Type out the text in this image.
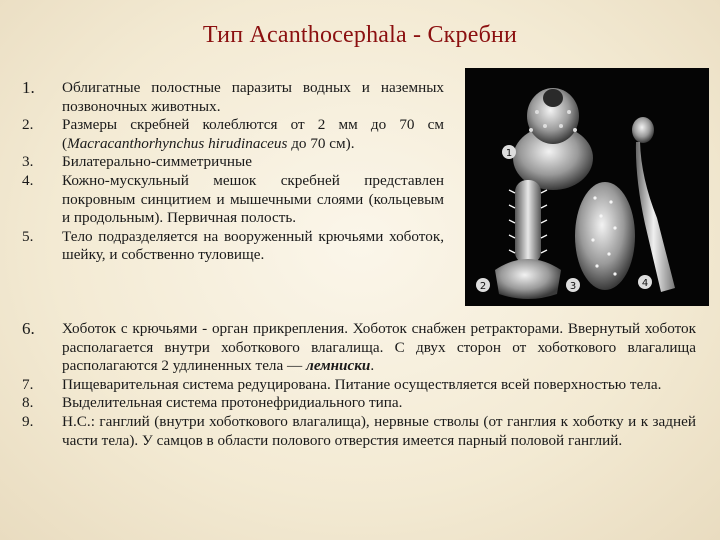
Тип Acanthocephala - Скребни
1. Облигатные полостные паразиты водных и наземных позвоночных животных.
2. Размеры скребней колеблются от 2 мм до 70 см (Macracanthorhynchus hirudinaceus до 70 см).
3. Билатерально-симметричные
4. Кожно-мускульный мешок скребней представлен покровным синцитием и мышечными слоями (кольцевым и продольным). Первичная полость.
5. Тело подразделяется на вооруженный крючьями хоботок, шейку, и собственно туловище.
1
2	3	4
6. Хоботок с крючьями - орган прикрепления. Хоботок снабжен ретракторами. Ввернутый хоботок располагается внутри хоботкового влагалища. С двух сторон от хоботкового влагалища располагаются 2 удлиненных тела — лемниски.
7. Пищеварительная система редуцирована. Питание осуществляется всей поверхностью тела.
8. Выделительная система протонефридиального типа.
9. Н.С.: ганглий (внутри хоботкового влагалища), нервные стволы (от ганглия к хоботку и к задней части тела). У самцов в области полового отверстия имеется парный половой ганглий.
